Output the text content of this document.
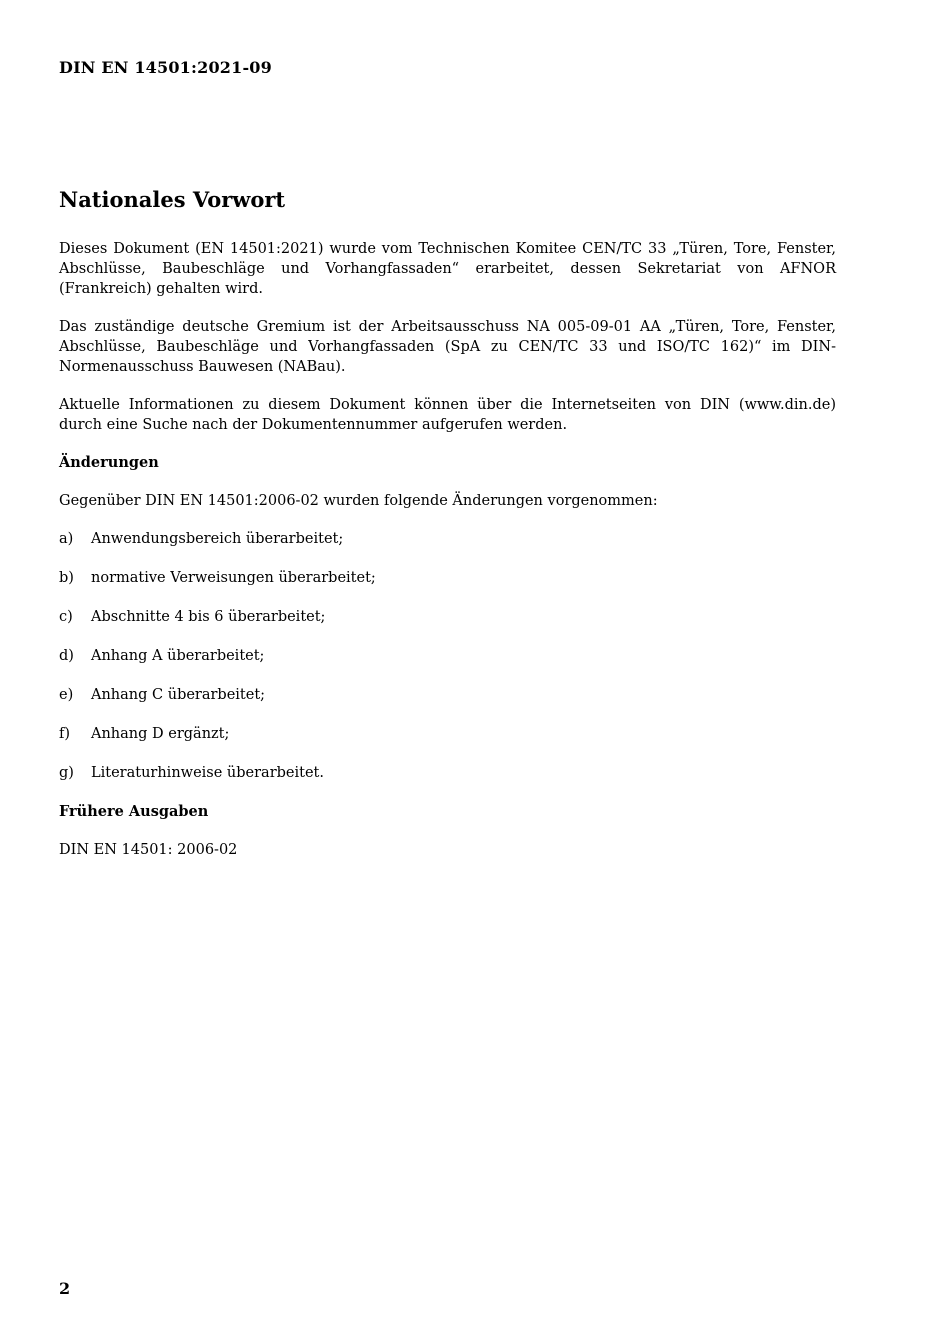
DIN EN 14501:2021-09
Nationales Vorwort

Dieses Dokument (EN 14501:2021) wurde vom Technischen Komitee CEN/TC 33 „Türen, Tore, Fenster, Abschlüsse, Baubeschläge und Vorhangfassaden“ erarbeitet, dessen Sekretariat von AFNOR (Frankreich) gehalten wird.

Das zuständige deutsche Gremium ist der Arbeitsausschuss NA 005-09-01 AA „Türen, Tore, Fenster, Abschlüsse, Baubeschläge und Vorhangfassaden (SpA zu CEN/TC 33 und ISO/TC 162)“ im DIN-Normenausschuss Bauwesen (NABau).

Aktuelle Informationen zu diesem Dokument können über die Internetseiten von DIN (www.din.de) durch eine Suche nach der Dokumentennummer aufgerufen werden.

Änderungen

Gegenüber DIN EN 14501:2006-02 wurden folgende Änderungen vorgenommen:

a)	Anwendungsbereich überarbeitet;
b)	normative Verweisungen überarbeitet;
c)	Abschnitte 4 bis 6 überarbeitet;
d)	Anhang A überarbeitet;
e)	Anhang C überarbeitet;
f)	Anhang D ergänzt;
g)	Literaturhinweise überarbeitet.
Frühere Ausgaben

DIN EN 14501: 2006-02

2
